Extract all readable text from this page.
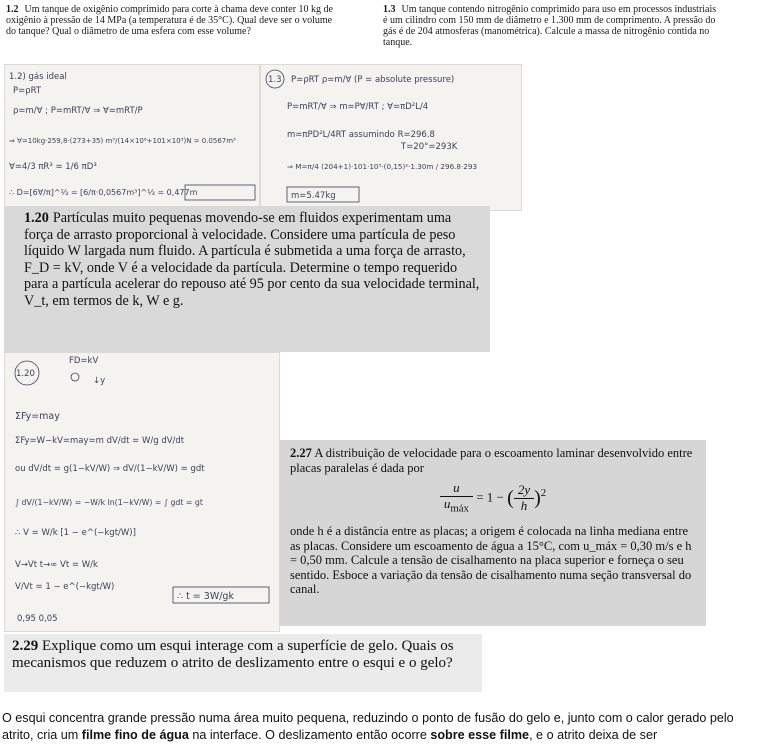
1.2 Um tanque de oxigênio comprimido para corte à chama deve conter 10 kg de oxigênio à pressão de 14 MPa (a temperatura é de 35°C). Qual deve ser o volume do tanque? Qual o diâmetro de uma esfera com esse volume?
1.3 Um tanque contendo nitrogênio comprimido para uso em processos industriais é um cilindro com 150 mm de diâmetro e 1.300 mm de comprimento. A pressão do gás é de 204 atmosferas (manométrica). Calcule a massa de nitrogênio contida no tanque.
1.2) gás ideal
P=ρRT
ρ=m/∀ ; P=mRT/∀ ⇒ ∀=mRT/P
⇒ ∀=10kg·259,8·(273+35) m³/(14×10⁶+101×10³)N = 0.0567m³
∀=4/3 πR³ = 1/6 πD³
∴ D=[6∀/π]^⅓ = [6/π·0,0567m³]^⅓ = 0,477m
1.3 P=ρRT ρ=m/∀ (P = absolute pressure)
P=mRT/∀ ⇒ m=P∀/RT ; ∀=πD²L/4
m=πPD²L/4RT assumindo R=296.8
T=20°=293K
⇒ M=π/4 (204+1)·101·10³·(0,15)²·1.30m / 296.8·293
m=5.47kg
1.20 Partículas muito pequenas movendo-se em fluidos experimentam uma força de arrasto proporcional à velocidade. Considere uma partícula de peso líquido W largada num fluido. A partícula é submetida a uma força de arrasto, F_D = kV, onde V é a velocidade da partícula. Determine o tempo requerido para a partícula acelerar do repouso até 95 por cento da sua velocidade terminal, V_t, em termos de k, W e g.
1.20
FD=kV
↓y
ΣFy=may
ΣFy=W−kV=may=m dV/dt = W/g dV/dt
ou dV/dt = g(1−kV/W) ⇒ dV/(1−kV/W) = gdt
∫ dV/(1−kV/W) = −W/k ln(1−kV/W) = ∫ gdt = gt
∴ V = W/k [1 − e^(−kgt/W)]
V→Vt t→∞ Vt = W/k
V/Vt = 1 − e^(−kgt/W)
0,95 0,05
∴ t = 3W/gk
2.27 A distribuição de velocidade para o escoamento laminar desenvolvido entre placas paralelas é dada por
$\frac{u}{u_{máx}} = 1$ − ( $\frac{2y}{h} )^2$
onde h é a distância entre as placas; a origem é colocada na linha mediana entre as placas. Considere um escoamento de água a 15°C, com u_máx = 0,30 m/s e h = 0,50 mm. Calcule a tensão de cisalhamento na placa superior e forneça o seu sentido. Esboce a variação da tensão de cisalhamento numa seção transversal do canal.
2.29 Explique como um esqui interage com a superfície de gelo. Quais os mecanismos que reduzem o atrito de deslizamento entre o esqui e o gelo?
O esqui concentra grande pressão numa área muito pequena, reduzindo o ponto de fusão do gelo e, junto com o calor gerado pelo atrito, cria um filme fino de água na interface. O deslizamento então ocorre sobre esse filme, e o atrito deixa de ser
